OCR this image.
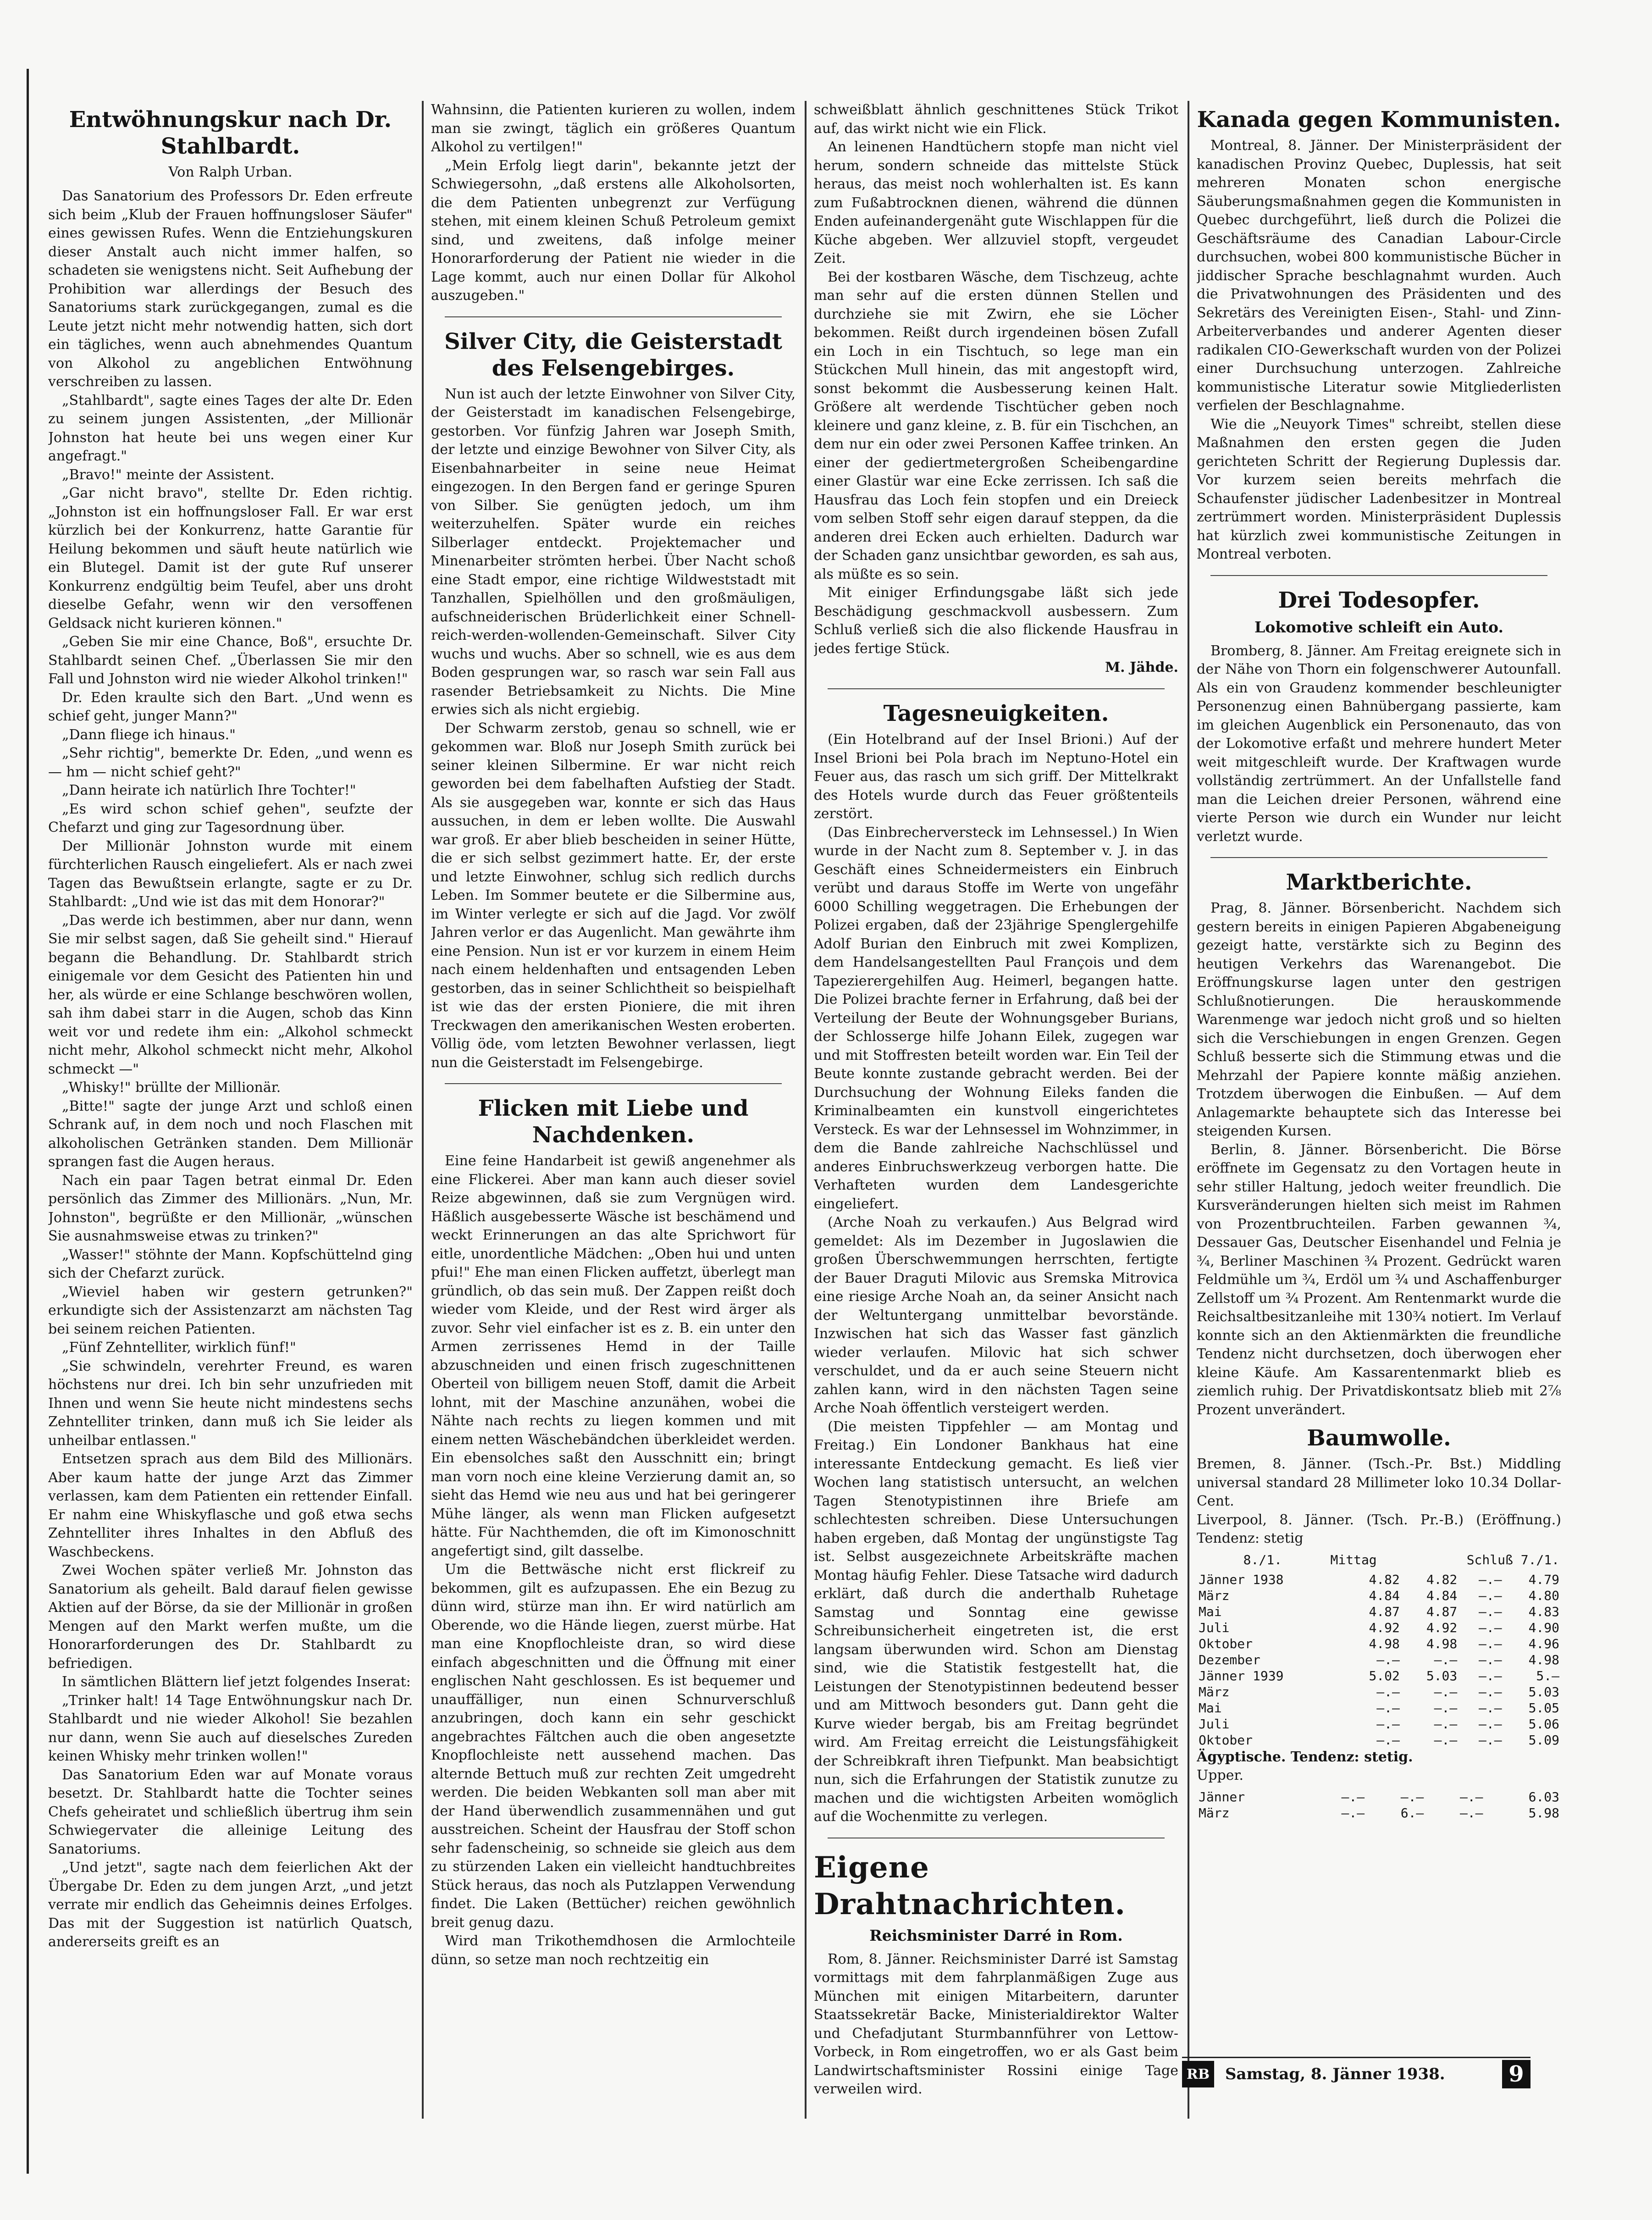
Entwöhnungskur nach Dr. Stahlbardt.
Von Ralph Urban.

Das Sanatorium des Professors Dr. Eden erfreute sich beim „Klub der Frauen hoffnungsloser Säufer" eines gewissen Rufes. Wenn die Entziehungskuren dieser Anstalt auch nicht immer halfen, so schadeten sie wenigstens nicht. Seit Aufhebung der Prohibition war allerdings der Besuch des Sanatoriums stark zurückgegangen, zumal es die Leute jetzt nicht mehr notwendig hatten, sich dort ein tägliches, wenn auch abnehmendes Quantum von Alkohol zu angeblichen Entwöhnung verschreiben zu lassen.

„Stahlbardt", sagte eines Tages der alte Dr. Eden zu seinem jungen Assistenten, „der Millionär Johnston hat heute bei uns wegen einer Kur angefragt."

„Bravo!" meinte der Assistent.

„Gar nicht bravo", stellte Dr. Eden richtig. „Johnston ist ein hoffnungsloser Fall. Er war erst kürzlich bei der Konkurrenz, hatte Garantie für Heilung bekommen und säuft heute natürlich wie ein Blutegel. Damit ist der gute Ruf unserer Konkurrenz endgültig beim Teufel, aber uns droht dieselbe Gefahr, wenn wir den versoffenen Geldsack nicht kurieren können."

„Geben Sie mir eine Chance, Boß", ersuchte Dr. Stahlbardt seinen Chef. „Überlassen Sie mir den Fall und Johnston wird nie wieder Alkohol trinken!"

Dr. Eden kraulte sich den Bart. „Und wenn es schief geht, junger Mann?"

„Dann fliege ich hinaus."

„Sehr richtig", bemerkte Dr. Eden, „und wenn es — hm — nicht schief geht?"

„Dann heirate ich natürlich Ihre Tochter!"

„Es wird schon schief gehen", seufzte der Chefarzt und ging zur Tagesordnung über.

Der Millionär Johnston wurde mit einem fürchterlichen Rausch eingeliefert. Als er nach zwei Tagen das Bewußtsein erlangte, sagte er zu Dr. Stahlbardt: „Und wie ist das mit dem Honorar?"

„Das werde ich bestimmen, aber nur dann, wenn Sie mir selbst sagen, daß Sie geheilt sind." Hierauf begann die Behandlung. Dr. Stahlbardt strich einigemale vor dem Gesicht des Patienten hin und her, als würde er eine Schlange beschwören wollen, sah ihm dabei starr in die Augen, schob das Kinn weit vor und redete ihm ein: „Alkohol schmeckt nicht mehr, Alkohol schmeckt nicht mehr, Alkohol schmeckt —"

„Whisky!" brüllte der Millionär.

„Bitte!" sagte der junge Arzt und schloß einen Schrank auf, in dem noch und noch Flaschen mit alkoholischen Getränken standen. Dem Millionär sprangen fast die Augen heraus.

Nach ein paar Tagen betrat einmal Dr. Eden persönlich das Zimmer des Millionärs. „Nun, Mr. Johnston", begrüßte er den Millionär, „wünschen Sie ausnahmsweise etwas zu trinken?"

„Wasser!" stöhnte der Mann. Kopfschüttelnd ging sich der Chefarzt zurück.

„Wieviel haben wir gestern getrunken?" erkundigte sich der Assistenzarzt am nächsten Tag bei seinem reichen Patienten.

„Fünf Zehntelliter, wirklich fünf!"

„Sie schwindeln, verehrter Freund, es waren höchstens nur drei. Ich bin sehr unzufrieden mit Ihnen und wenn Sie heute nicht mindestens sechs Zehntelliter trinken, dann muß ich Sie leider als unheilbar entlassen."

Entsetzen sprach aus dem Bild des Millionärs. Aber kaum hatte der junge Arzt das Zimmer verlassen, kam dem Patienten ein rettender Einfall. Er nahm eine Whiskyflasche und goß etwa sechs Zehntelliter ihres Inhaltes in den Abfluß des Waschbeckens.

Zwei Wochen später verließ Mr. Johnston das Sanatorium als geheilt. Bald darauf fielen gewisse Aktien auf der Börse, da sie der Millionär in großen Mengen auf den Markt werfen mußte, um die Honorarforderungen des Dr. Stahlbardt zu befriedigen.

In sämtlichen Blättern lief jetzt folgendes Inserat:

„Trinker halt! 14 Tage Entwöhnungskur nach Dr. Stahlbardt und nie wieder Alkohol! Sie bezahlen nur dann, wenn Sie auch auf dieselsches Zureden keinen Whisky mehr trinken wollen!"

Das Sanatorium Eden war auf Monate voraus besetzt. Dr. Stahlbardt hatte die Tochter seines Chefs geheiratet und schließlich übertrug ihm sein Schwiegervater die alleinige Leitung des Sanatoriums.

„Und jetzt", sagte nach dem feierlichen Akt der Übergabe Dr. Eden zu dem jungen Arzt, „und jetzt verrate mir endlich das Geheimnis deines Erfolges. Das mit der Suggestion ist natürlich Quatsch, andererseits greift es an

Wahnsinn, die Patienten kurieren zu wollen, indem man sie zwingt, täglich ein größeres Quantum Alkohol zu vertilgen!"

„Mein Erfolg liegt darin", bekannte jetzt der Schwiegersohn, „daß erstens alle Alkoholsorten, die dem Patienten unbegrenzt zur Verfügung stehen, mit einem kleinen Schuß Petroleum gemixt sind, und zweitens, daß infolge meiner Honorarforderung der Patient nie wieder in die Lage kommt, auch nur einen Dollar für Alkohol auszugeben."

Silver City, die Geisterstadt des Felsengebirges.

Nun ist auch der letzte Einwohner von Silver City, der Geisterstadt im kanadischen Felsengebirge, gestorben. Vor fünfzig Jahren war Joseph Smith, der letzte und einzige Bewohner von Silver City, als Eisenbahnarbeiter in seine neue Heimat eingezogen. In den Bergen fand er geringe Spuren von Silber. Sie genügten jedoch, um ihm weiterzuhelfen. Später wurde ein reiches Silberlager entdeckt. Projektemacher und Minenarbeiter strömten herbei. Über Nacht schoß eine Stadt empor, eine richtige Wildweststadt mit Tanzhallen, Spielhöllen und den großmäuligen, aufschneiderischen Brüderlichkeit einer Schnell-reich-werden-wollenden-Gemeinschaft. Silver City wuchs und wuchs. Aber so schnell, wie es aus dem Boden gesprungen war, so rasch war sein Fall aus rasender Betriebsamkeit zu Nichts. Die Mine erwies sich als nicht ergiebig.

Der Schwarm zerstob, genau so schnell, wie er gekommen war. Bloß nur Joseph Smith zurück bei seiner kleinen Silbermine. Er war nicht reich geworden bei dem fabelhaften Aufstieg der Stadt. Als sie ausgegeben war, konnte er sich das Haus aussuchen, in dem er leben wollte. Die Auswahl war groß. Er aber blieb bescheiden in seiner Hütte, die er sich selbst gezimmert hatte. Er, der erste und letzte Einwohner, schlug sich redlich durchs Leben. Im Sommer beutete er die Silbermine aus, im Winter verlegte er sich auf die Jagd. Vor zwölf Jahren verlor er das Augenlicht. Man gewährte ihm eine Pension. Nun ist er vor kurzem in einem Heim nach einem heldenhaften und entsagenden Leben gestorben, das in seiner Schlichtheit so beispielhaft ist wie das der ersten Pioniere, die mit ihren Treckwagen den amerikanischen Westen eroberten. Völlig öde, vom letzten Bewohner verlassen, liegt nun die Geisterstadt im Felsengebirge.

Flicken mit Liebe und Nachdenken.

Eine feine Handarbeit ist gewiß angenehmer als eine Flickerei. Aber man kann auch dieser soviel Reize abgewinnen, daß sie zum Vergnügen wird. Häßlich ausgebesserte Wäsche ist beschämend und weckt Erinnerungen an das alte Sprichwort für eitle, unordentliche Mädchen: „Oben hui und unten pfui!" Ehe man einen Flicken auffetzt, überlegt man gründlich, ob das sein muß. Der Zappen reißt doch wieder vom Kleide, und der Rest wird ärger als zuvor. Sehr viel einfacher ist es z. B. ein unter den Armen zerrissenes Hemd in der Taille abzuschneiden und einen frisch zugeschnittenen Oberteil von billigem neuen Stoff, damit die Arbeit lohnt, mit der Maschine anzunähen, wobei die Nähte nach rechts zu liegen kommen und mit einem netten Wäschebändchen überkleidet werden. Ein ebensolches saßt den Ausschnitt ein; bringt man vorn noch eine kleine Verzierung damit an, so sieht das Hemd wie neu aus und hat bei geringerer Mühe länger, als wenn man Flicken aufgesetzt hätte. Für Nachthemden, die oft im Kimonoschnitt angefertigt sind, gilt dasselbe.

Um die Bettwäsche nicht erst flickreif zu bekommen, gilt es aufzupassen. Ehe ein Bezug zu dünn wird, stürze man ihn. Er wird natürlich am Oberende, wo die Hände liegen, zuerst mürbe. Hat man eine Knopflochleiste dran, so wird diese einfach abgeschnitten und die Öffnung mit einer englischen Naht geschlossen. Es ist bequemer und unauffälliger, nun einen Schnurverschluß anzubringen, doch kann ein sehr geschickt angebrachtes Fältchen auch die oben angesetzte Knopflochleiste nett aussehend machen. Das alternde Bettuch muß zur rechten Zeit umgedreht werden. Die beiden Webkanten soll man aber mit der Hand überwendlich zusammennähen und gut ausstreichen. Scheint der Hausfrau der Stoff schon sehr fadenscheinig, so schneide sie gleich aus dem zu stürzenden Laken ein vielleicht handtuchbreites Stück heraus, das noch als Putzlappen Verwendung findet. Die Laken (Bettücher) reichen gewöhnlich breit genug dazu.

Wird man Trikothemdhosen die Armlochteile dünn, so setze man noch rechtzeitig ein

schweißblatt ähnlich geschnittenes Stück Trikot auf, das wirkt nicht wie ein Flick.

An leinenen Handtüchern stopfe man nicht viel herum, sondern schneide das mittelste Stück heraus, das meist noch wohlerhalten ist. Es kann zum Fußabtrocknen dienen, während die dünnen Enden aufeinandergenäht gute Wischlappen für die Küche abgeben. Wer allzuviel stopft, vergeudet Zeit.

Bei der kostbaren Wäsche, dem Tischzeug, achte man sehr auf die ersten dünnen Stellen und durchziehe sie mit Zwirn, ehe sie Löcher bekommen. Reißt durch irgendeinen bösen Zufall ein Loch in ein Tischtuch, so lege man ein Stückchen Mull hinein, das mit angestopft wird, sonst bekommt die Ausbesserung keinen Halt. Größere alt werdende Tischtücher geben noch kleinere und ganz kleine, z. B. für ein Tischchen, an dem nur ein oder zwei Personen Kaffee trinken. An einer der gediertmetergroßen Scheibengardine einer Glastür war eine Ecke zerrissen. Ich saß die Hausfrau das Loch fein stopfen und ein Dreieck vom selben Stoff sehr eigen darauf steppen, da die anderen drei Ecken auch erhielten. Dadurch war der Schaden ganz unsichtbar geworden, es sah aus, als müßte es so sein.

Mit einiger Erfindungsgabe läßt sich jede Beschädigung geschmackvoll ausbessern. Zum Schluß verließ sich die also flickende Hausfrau in jedes fertige Stück.

M. Jähde.
Tagesneuigkeiten.

(Ein Hotelbrand auf der Insel Brioni.) Auf der Insel Brioni bei Pola brach im Neptuno-Hotel ein Feuer aus, das rasch um sich griff. Der Mittelkrakt des Hotels wurde durch das Feuer größtenteils zerstört.

(Das Einbrecherversteck im Lehnsessel.) In Wien wurde in der Nacht zum 8. September v. J. in das Geschäft eines Schneidermeisters ein Einbruch verübt und daraus Stoffe im Werte von ungefähr 6000 Schilling weggetragen. Die Erhebungen der Polizei ergaben, daß der 23jährige Spenglergehilfe Adolf Burian den Einbruch mit zwei Komplizen, dem Handelsangestellten Paul François und dem Tapezierergehilfen Aug. Heimerl, begangen hatte. Die Polizei brachte ferner in Erfahrung, daß bei der Verteilung der Beute der Wohnungsgeber Burians, der Schlosserge hilfe Johann Eilek, zugegen war und mit Stoffresten beteilt worden war. Ein Teil der Beute konnte zustande gebracht werden. Bei der Durchsuchung der Wohnung Eileks fanden die Kriminalbeamten ein kunstvoll eingerichtetes Versteck. Es war der Lehnsessel im Wohnzimmer, in dem die Bande zahlreiche Nachschlüssel und anderes Einbruchswerkzeug verborgen hatte. Die Verhafteten wurden dem Landesgerichte eingeliefert.

(Arche Noah zu verkaufen.) Aus Belgrad wird gemeldet: Als im Dezember in Jugoslawien die großen Überschwemmungen herrschten, fertigte der Bauer Draguti Milovic aus Sremska Mitrovica eine riesige Arche Noah an, da seiner Ansicht nach der Weltuntergang unmittelbar bevorstände. Inzwischen hat sich das Wasser fast gänzlich wieder verlaufen. Milovic hat sich schwer verschuldet, und da er auch seine Steuern nicht zahlen kann, wird in den nächsten Tagen seine Arche Noah öffentlich versteigert werden.

(Die meisten Tippfehler — am Montag und Freitag.) Ein Londoner Bankhaus hat eine interessante Entdeckung gemacht. Es ließ vier Wochen lang statistisch untersucht, an welchen Tagen Stenotypistinnen ihre Briefe am schlechtesten schreiben. Diese Untersuchungen haben ergeben, daß Montag der ungünstigste Tag ist. Selbst ausgezeichnete Arbeitskräfte machen Montag häufig Fehler. Diese Tatsache wird dadurch erklärt, daß durch die anderthalb Ruhetage Samstag und Sonntag eine gewisse Schreibunsicherheit eingetreten ist, die erst langsam überwunden wird. Schon am Dienstag sind, wie die Statistik festgestellt hat, die Leistungen der Stenotypistinnen bedeutend besser und am Mittwoch besonders gut. Dann geht die Kurve wieder bergab, bis am Freitag begründet wird. Am Freitag erreicht die Leistungsfähigkeit der Schreibkraft ihren Tiefpunkt. Man beabsichtigt nun, sich die Erfahrungen der Statistik zunutze zu machen und die wichtigsten Arbeiten womöglich auf die Wochenmitte zu verlegen.

Eigene Drahtnachrichten.
Reichsminister Darré in Rom.

Rom, 8. Jänner. Reichsminister Darré ist Samstag vormittags mit dem fahrplanmäßigen Zuge aus München mit einigen Mitarbeitern, darunter Staatssekretär Backe, Ministerialdirektor Walter und Chefadjutant Sturmbannführer von Lettow-Vorbeck, in Rom eingetroffen, wo er als Gast beim Landwirtschaftsminister Rossini einige Tage verweilen wird.

Kanada gegen Kommunisten.

Montreal, 8. Jänner. Der Ministerpräsident der kanadischen Provinz Quebec, Duplessis, hat seit mehreren Monaten schon energische Säuberungsmaßnahmen gegen die Kommunisten in Quebec durchgeführt, ließ durch die Polizei die Geschäftsräume des Canadian Labour-Circle durchsuchen, wobei 800 kommunistische Bücher in jiddischer Sprache beschlagnahmt wurden. Auch die Privatwohnungen des Präsidenten und des Sekretärs des Vereinigten Eisen-, Stahl- und Zinn-Arbeiterverbandes und anderer Agenten dieser radikalen CIO-Gewerkschaft wurden von der Polizei einer Durchsuchung unterzogen. Zahlreiche kommunistische Literatur sowie Mitgliederlisten verfielen der Beschlagnahme.

Wie die „Neuyork Times" schreibt, stellen diese Maßnahmen den ersten gegen die Juden gerichteten Schritt der Regierung Duplessis dar. Vor kurzem seien bereits mehrfach die Schaufenster jüdischer Ladenbesitzer in Montreal zertrümmert worden. Ministerpräsident Duplessis hat kürzlich zwei kommunistische Zeitungen in Montreal verboten.

Drei Todesopfer.
Lokomotive schleift ein Auto.

Bromberg, 8. Jänner. Am Freitag ereignete sich in der Nähe von Thorn ein folgenschwerer Autounfall. Als ein von Graudenz kommender beschleunigter Personenzug einen Bahnübergang passierte, kam im gleichen Augenblick ein Personenauto, das von der Lokomotive erfaßt und mehrere hundert Meter weit mitgeschleift wurde. Der Kraftwagen wurde vollständig zertrümmert. An der Unfallstelle fand man die Leichen dreier Personen, während eine vierte Person wie durch ein Wunder nur leicht verletzt wurde.

Marktberichte.

Prag, 8. Jänner. Börsenbericht. Nachdem sich gestern bereits in einigen Papieren Abgabeneigung gezeigt hatte, verstärkte sich zu Beginn des heutigen Verkehrs das Warenangebot. Die Eröffnungskurse lagen unter den gestrigen Schlußnotierungen. Die herauskommende Warenmenge war jedoch nicht groß und so hielten sich die Verschiebungen in engen Grenzen. Gegen Schluß besserte sich die Stimmung etwas und die Mehrzahl der Papiere konnte mäßig anziehen. Trotzdem überwogen die Einbußen. — Auf dem Anlagemarkte behauptete sich das Interesse bei steigenden Kursen.

Berlin, 8. Jänner. Börsenbericht. Die Börse eröffnete im Gegensatz zu den Vortagen heute in sehr stiller Haltung, jedoch weiter freundlich. Die Kursveränderungen hielten sich meist im Rahmen von Prozentbruchteilen. Farben gewannen ¾, Dessauer Gas, Deutscher Eisenhandel und Felnia je ¾, Berliner Maschinen ¾ Prozent. Gedrückt waren Feldmühle um ¾, Erdöl um ¾ und Aschaffenburger Zellstoff um ¾ Prozent. Am Rentenmarkt wurde die Reichsaltbesitzanleihe mit 130¾ notiert. Im Verlauf konnte sich an den Aktienmärkten die freundliche Tendenz nicht durchsetzen, doch überwogen eher kleine Käufe. Am Kassarentenmarkt blieb es ziemlich ruhig. Der Privatdiskontsatz blieb mit 2⅞ Prozent unverändert.

Baumwolle.

Bremen, 8. Jänner. (Tsch.-Pr. Bst.) Middling universal standard 28 Millimeter loko 10.34 Dollar-Cent.

Liverpool, 8. Jänner. (Tsch. Pr.-B.) (Eröffnung.) Tendenz: stetig

	8./1.	Mittag	Schluß 7./1.
Jänner 1938	4.82	4.82	—.—	4.79
März	4.84	4.84	—.—	4.80
Mai	4.87	4.87	—.—	4.83
Juli	4.92	4.92	—.—	4.90
Oktober	4.98	4.98	—.—	4.96
Dezember	—.—	—.—	—.—	4.98
Jänner 1939	5.02	5.03	—.—	5.—
März	—.—	—.—	—.—	5.03
Mai	—.—	—.—	—.—	5.05
Juli	—.—	—.—	—.—	5.06
Oktober	—.—	—.—	—.—	5.09

Ägyptische. Tendenz: stetig.

Upper.

Jänner	—.—	—.—	—.—	6.03
März	—.—	6.—	—.—	5.98
RB Samstag, 8. Jänner 1938.	9
